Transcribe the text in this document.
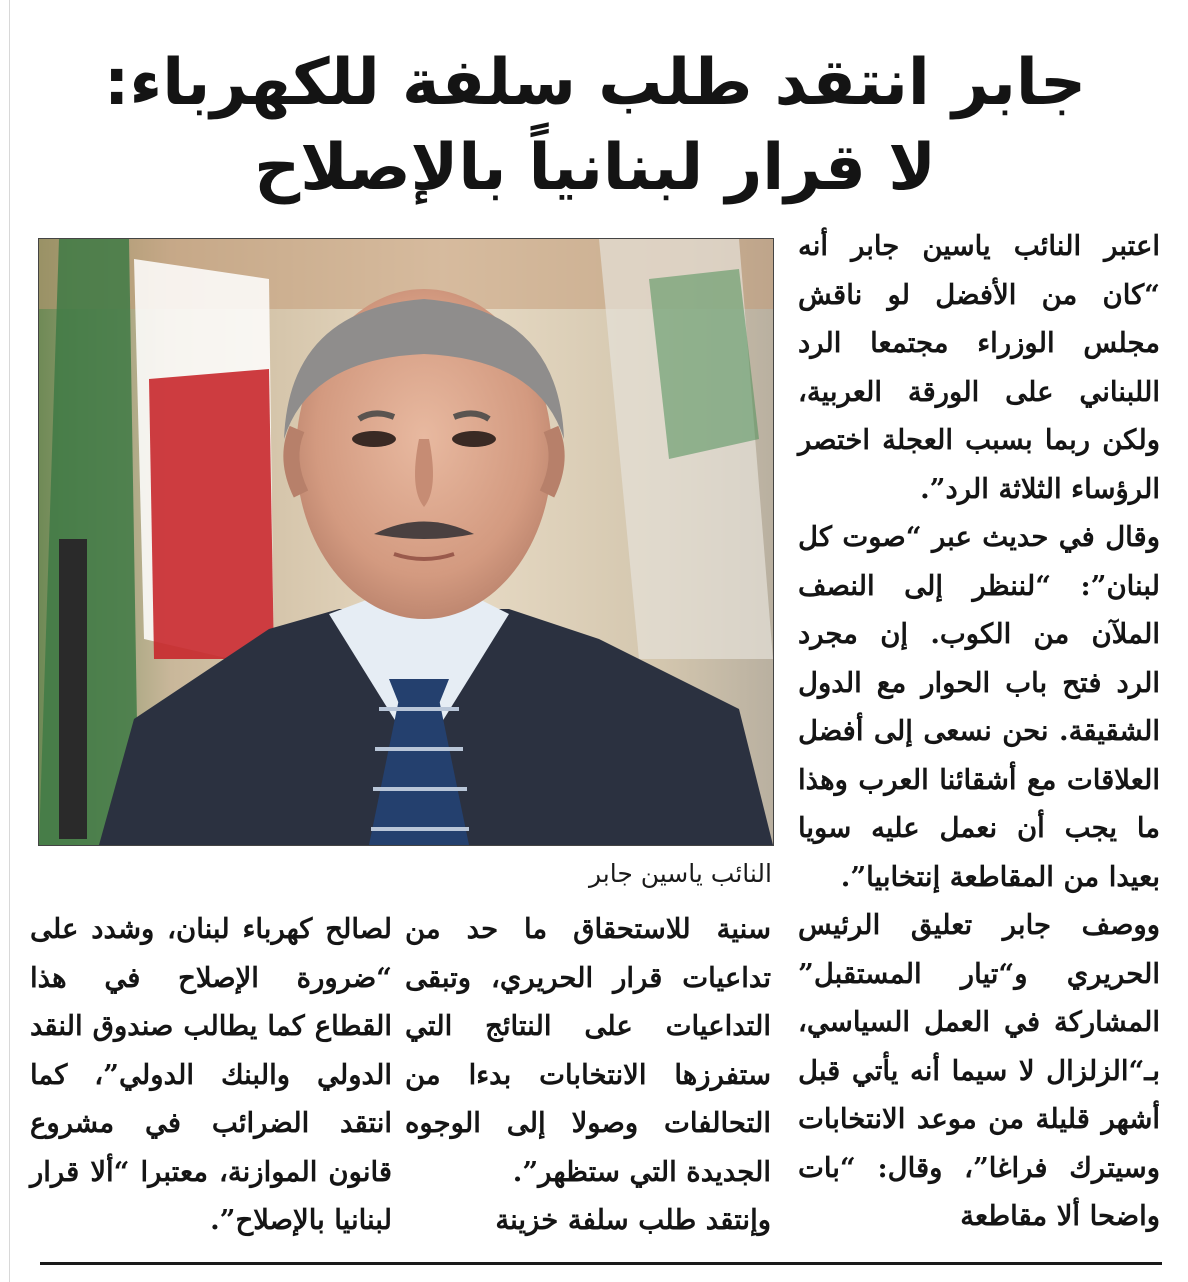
جابر انتقد طلب سلفة للكهرباء:
لا قرار لبنانياً بالإصلاح

اعتبر النائب ياسين جابر أنه “كان من الأفضل لو ناقش مجلس الوزراء مجتمعا الرد اللبناني على الورقة العربية، ولكن ربما بسبب العجلة اختصر الرؤساء الثلاثة الرد”.

وقال في حديث عبر “صوت كل لبنان”: “لننظر إلى النصف الملآن من الكوب. إن مجرد الرد فتح باب الحوار مع الدول الشقيقة. نحن نسعى إلى أفضل العلاقات مع أشقائنا العرب وهذا ما يجب أن نعمل عليه سويا بعيدا من المقاطعة إنتخابيا”.

ووصف جابر تعليق الرئيس الحريري و“تيار المستقبل” المشاركة في العمل السياسي، بـ“الزلزال لا سيما أنه يأتي قبل أشهر قليلة من موعد الانتخابات وسيترك فراغا”، وقال: “بات واضحا ألا مقاطعة

النائب ياسين جابر

سنية للاستحقاق ما حد من تداعيات قرار الحريري، وتبقى التداعيات على النتائج التي ستفرزها الانتخابات بدءا من التحالفات وصولا إلى الوجوه الجديدة التي ستظهر”.

وإنتقد طلب سلفة خزينة

لصالح كهرباء لبنان، وشدد على “ضرورة الإصلاح في هذا القطاع كما يطالب صندوق النقد الدولي والبنك الدولي”، كما انتقد الضرائب في مشروع قانون الموازنة، معتبرا “ألا قرار لبنانيا بالإصلاح”.
